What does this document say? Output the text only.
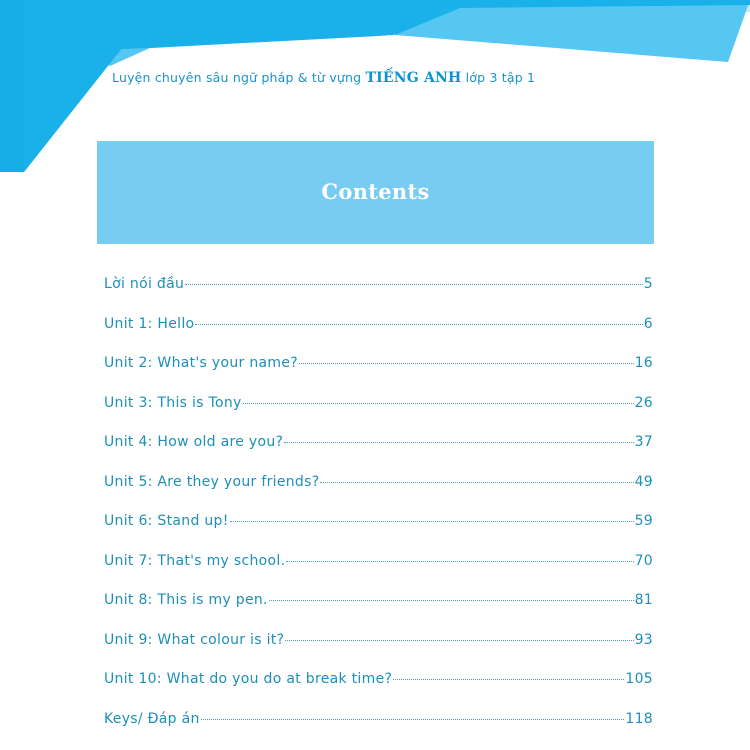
Luyện chuyên sâu ngữ pháp & từ vựng TIẾNG ANH lớp 3 tập 1
Contents
Lời nói đầu	5
Unit 1: Hello	6
Unit 2: What's your name?	16
Unit 3: This is Tony	26
Unit 4: How old are you?	37
Unit 5: Are they your friends?	49
Unit 6: Stand up!	59
Unit 7: That's my school.	70
Unit 8: This is my pen.	81
Unit 9: What colour is it?	93
Unit 10: What do you do at break time?	105
Keys/ Đáp án	118
